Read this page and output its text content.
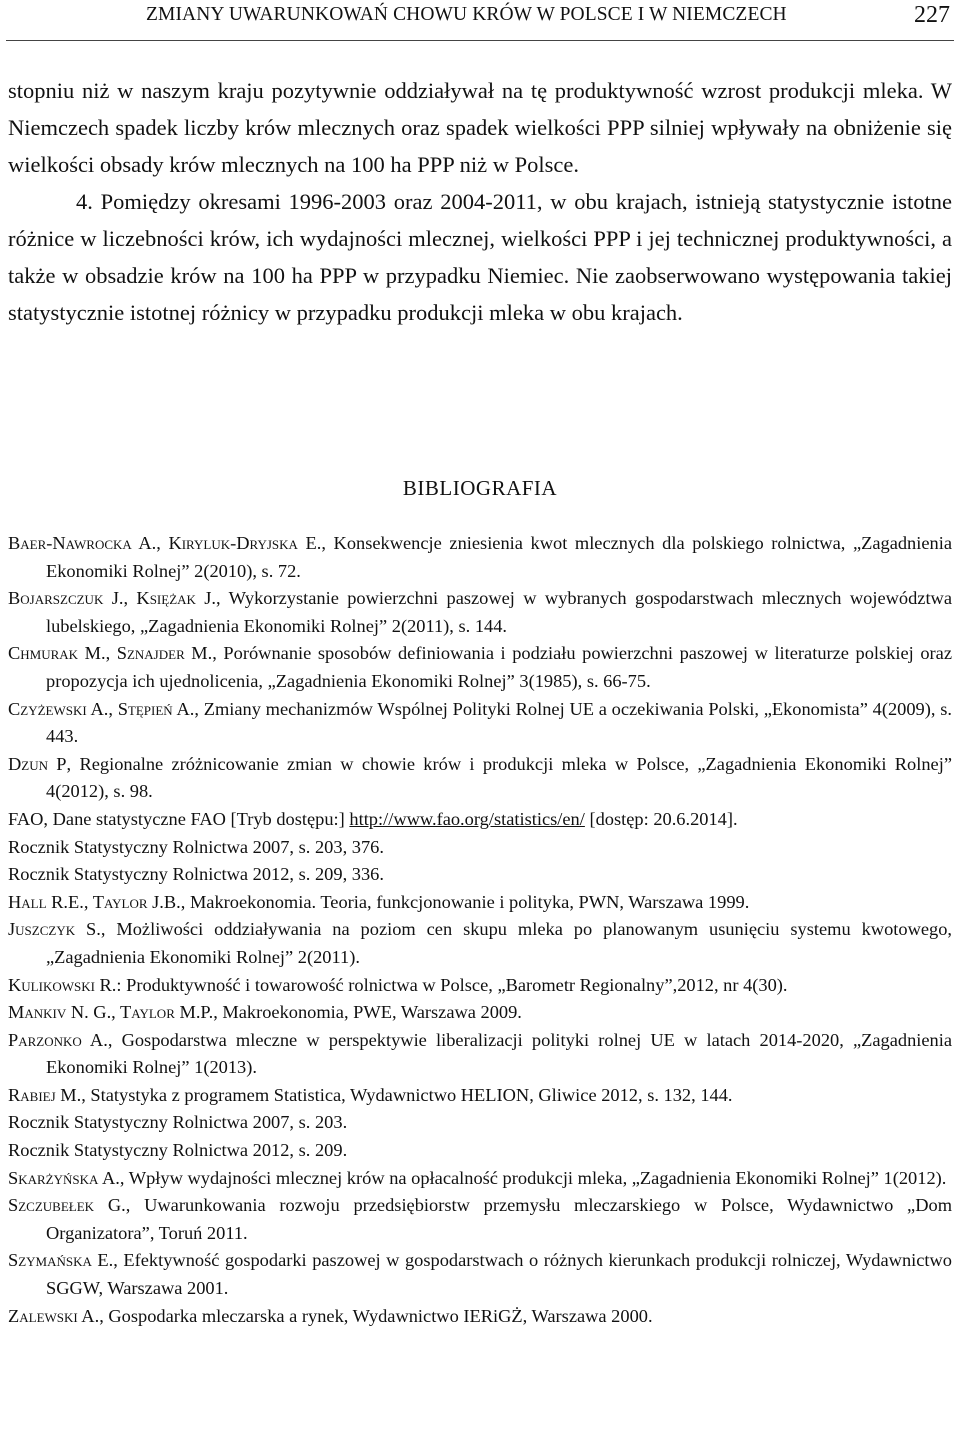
ZMIANY UWARUNKOWAŃ CHOWU KRÓW W POLSCE I W NIEMCZECH	227

stopniu niż w naszym kraju pozytywnie oddziaływał na tę produktywność wzrost produkcji mleka. W Niemczech spadek liczby krów mlecznych oraz spadek wielkości PPP silniej wpływały na obniżenie się wielkości obsady krów mlecznych na 100 ha PPP niż w Polsce.

4. Pomiędzy okresami 1996-2003 oraz 2004-2011, w obu krajach, istnieją statystycznie istotne różnice w liczebności krów, ich wydajności mlecznej, wielkości PPP i jej technicznej produktywności, a także w obsadzie krów na 100 ha PPP w przypadku Niemiec. Nie zaobserwowano występowania takiej statystycznie istotnej różnicy w przypadku produkcji mleka w obu krajach.

BIBLIOGRAFIA
Baer-Nawrocka A., Kiryluk-Dryjska E., Konsekwencje zniesienia kwot mlecznych dla polskiego rolnictwa, „Zagadnienia Ekonomiki Rolnej” 2(2010), s. 72.
Bojarszczuk J., Księżak J., Wykorzystanie powierzchni paszowej w wybranych gospodarstwach mlecznych województwa lubelskiego, „Zagadnienia Ekonomiki Rolnej” 2(2011), s. 144.
Chmurak M., Sznajder M., Porównanie sposobów definiowania i podziału powierzchni paszowej w literaturze polskiej oraz propozycja ich ujednolicenia, „Zagadnienia Ekonomiki Rolnej” 3(1985), s. 66-75.
Czyżewski A., Stępień A., Zmiany mechanizmów Wspólnej Polityki Rolnej UE a oczekiwania Polski, „Ekonomista” 4(2009), s. 443.
Dzun P, Regionalne zróżnicowanie zmian w chowie krów i produkcji mleka w Polsce, „Zagadnienia Ekonomiki Rolnej” 4(2012), s. 98.
FAO, Dane statystyczne FAO [Tryb dostępu:] http://www.fao.org/statistics/en/ [dostęp: 20.6.2014].
Rocznik Statystyczny Rolnictwa 2007, s. 203, 376.
Rocznik Statystyczny Rolnictwa 2012, s. 209, 336.
Hall R.E., Taylor J.B., Makroekonomia. Teoria, funkcjonowanie i polityka, PWN, Warszawa 1999.
Juszczyk S., Możliwości oddziaływania na poziom cen skupu mleka po planowanym usunięciu systemu kwotowego, „Zagadnienia Ekonomiki Rolnej” 2(2011).
Kulikowski R.: Produktywność i towarowość rolnictwa w Polsce, „Barometr Regionalny”,2012, nr 4(30).
Mankiv N. G., Taylor M.P., Makroekonomia, PWE, Warszawa 2009.
Parzonko A., Gospodarstwa mleczne w perspektywie liberalizacji polityki rolnej UE w latach 2014-2020, „Zagadnienia Ekonomiki Rolnej” 1(2013).
Rabiej M., Statystyka z programem Statistica, Wydawnictwo HELION, Gliwice 2012, s. 132, 144.
Rocznik Statystyczny Rolnictwa 2007, s. 203.
Rocznik Statystyczny Rolnictwa 2012, s. 209.
Skarżyńska A., Wpływ wydajności mlecznej krów na opłacalność produkcji mleka, „Zagadnienia Ekonomiki Rolnej” 1(2012).
Szczubełek G., Uwarunkowania rozwoju przedsiębiorstw przemysłu mleczarskiego w Polsce, Wydawnictwo „Dom Organizatora”, Toruń 2011.
Szymańska E., Efektywność gospodarki paszowej w gospodarstwach o różnych kierunkach produkcji rolniczej, Wydawnictwo SGGW, Warszawa 2001.
Zalewski A., Gospodarka mleczarska a rynek, Wydawnictwo IERiGŻ, Warszawa 2000.
